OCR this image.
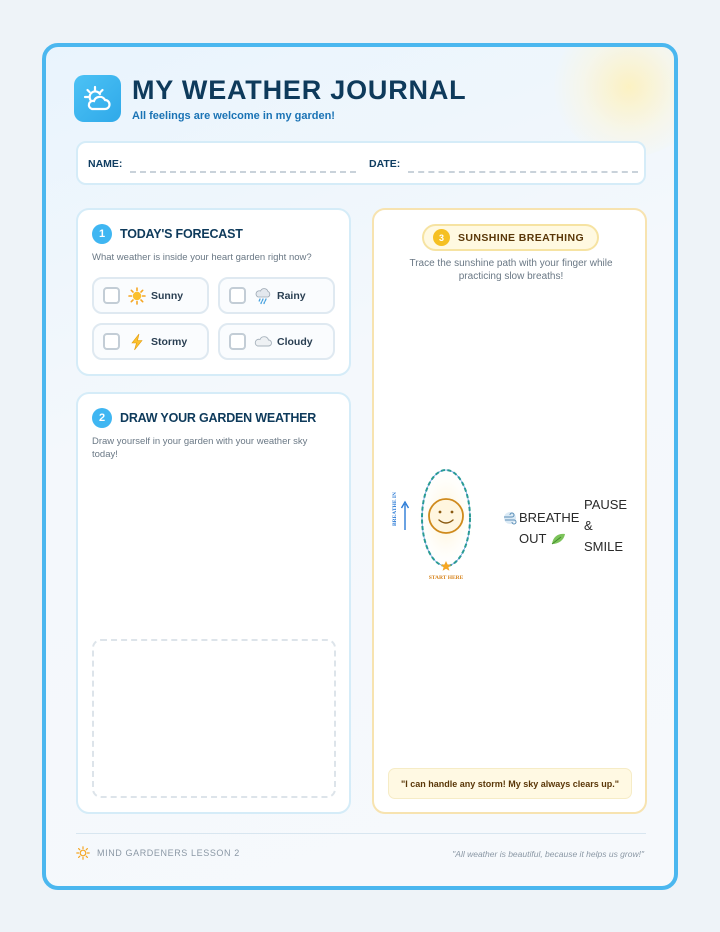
MY WEATHER JOURNAL
All feelings are welcome in my garden!
NAME:	DATE:
1	TODAY'S FORECAST
What weather is inside your heart garden right now?
Sunny	Rainy
Stormy	Cloudy
2	DRAW YOUR GARDEN WEATHER
Draw yourself in your garden with your weather sky today!
3	SUNSHINE BREATHING
Trace the sunshine path with your finger while practicing slow breaths!
BREATHE IN
START HERE
BREATHE
OUT
PAUSE
&
SMILE
"I can handle any storm! My sky always clears up."
MIND GARDENERS LESSON 2	"All weather is beautiful, because it helps us grow!"
